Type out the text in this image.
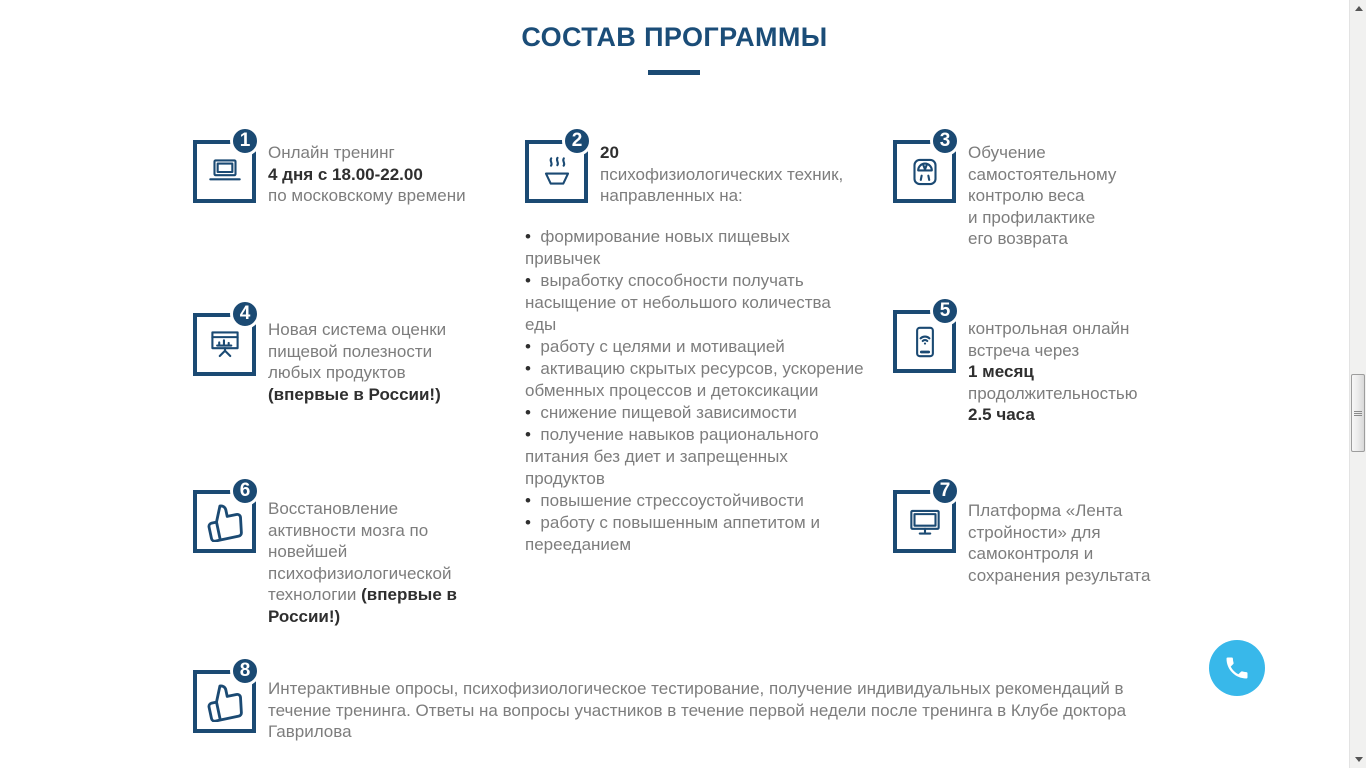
СОСТАВ ПРОГРАММЫ
1
Онлайн тренинг
4 дня с 18.00-22.00
по московскому времени
2
20
психофизиологических техник, направленных на:
•  формирование новых пищевых привычек
•  выработку способности получать насыщение от небольшого количества еды
•  работу с целями и мотивацией
•  активацию скрытых ресурсов, ускорение обменных процессов и детоксикации
•  снижение пищевой зависимости
•  получение навыков рационального питания без диет и запрещенных продуктов
•  повышение стрессоустойчивости
•  работу с повышенным аппетитом и перееданием
3
Обучение
самостоятельному
контролю веса
и профилактике
его возврата
4
Новая система оценки
пищевой полезности
любых продуктов
(впервые в России!)
5
контрольная онлайн
встреча через
1 месяц
продолжительностью
2.5 часа
6
Восстановление активности мозга по новейшей психофизиологической технологии (впервые в России!)
7
Платформа «Лента стройности» для самоконтроля и сохранения результата
8
Интерактивные опросы, психофизиологическое тестирование, получение индивидуальных рекомендаций в течение тренинга. Ответы на вопросы участников в течение первой недели после тренинга в Клубе доктора Гаврилова
